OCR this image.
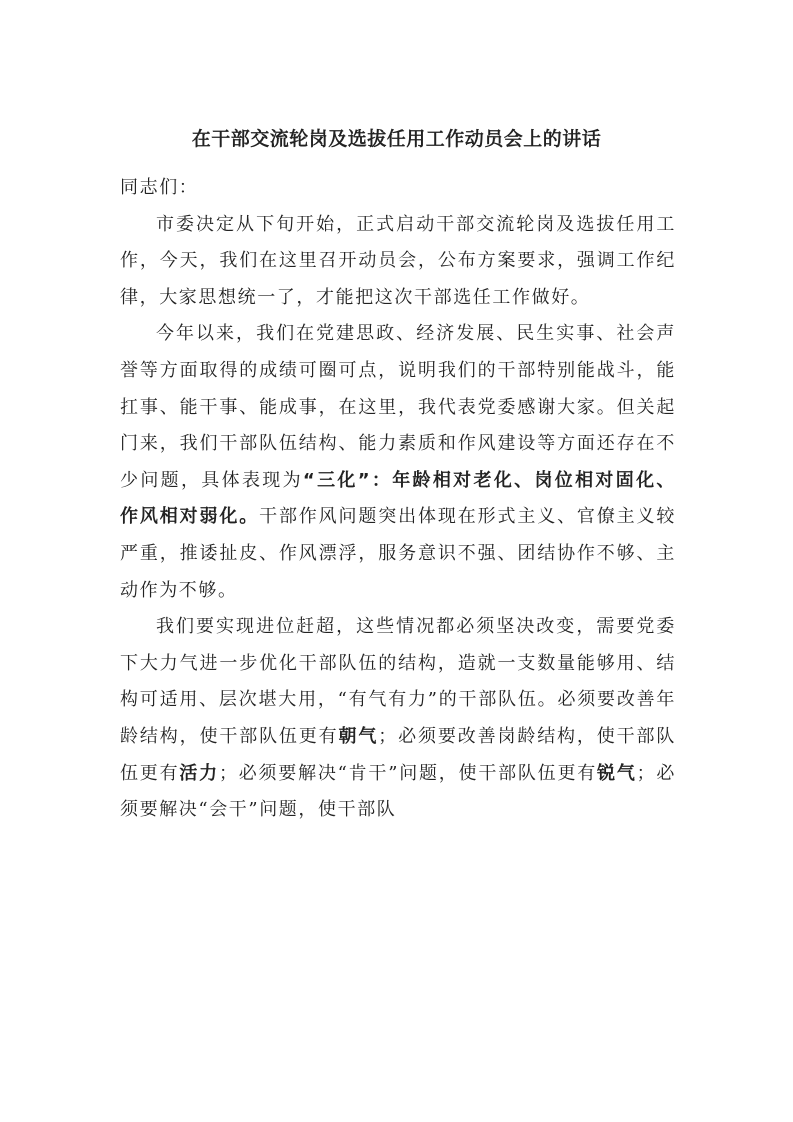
在干部交流轮岗及选拔任用工作动员会上的讲话

同志们：

市委决定从下旬开始，正式启动干部交流轮岗及选拔任用工作，今天，我们在这里召开动员会，公布方案要求，强调工作纪律，大家思想统一了，才能把这次干部选任工作做好。

今年以来，我们在党建思政、经济发展、民生实事、社会声誉等方面取得的成绩可圈可点，说明我们的干部特别能战斗，能扛事、能干事、能成事，在这里，我代表党委感谢大家。但关起门来，我们干部队伍结构、能力素质和作风建设等方面还存在不少问题，具体表现为“三化”：年龄相对老化、岗位相对固化、作风相对弱化。干部作风问题突出体现在形式主义、官僚主义较严重，推诿扯皮、作风漂浮，服务意识不强、团结协作不够、主动作为不够。

我们要实现进位赶超，这些情况都必须坚决改变，需要党委下大力气进一步优化干部队伍的结构，造就一支数量能够用、结构可适用、层次堪大用，“有气有力”的干部队伍。必须要改善年龄结构，使干部队伍更有朝气；必须要改善岗龄结构，使干部队伍更有活力；必须要解决“肯干”问题，使干部队伍更有锐气；必须要解决“会干”问题，使干部队
